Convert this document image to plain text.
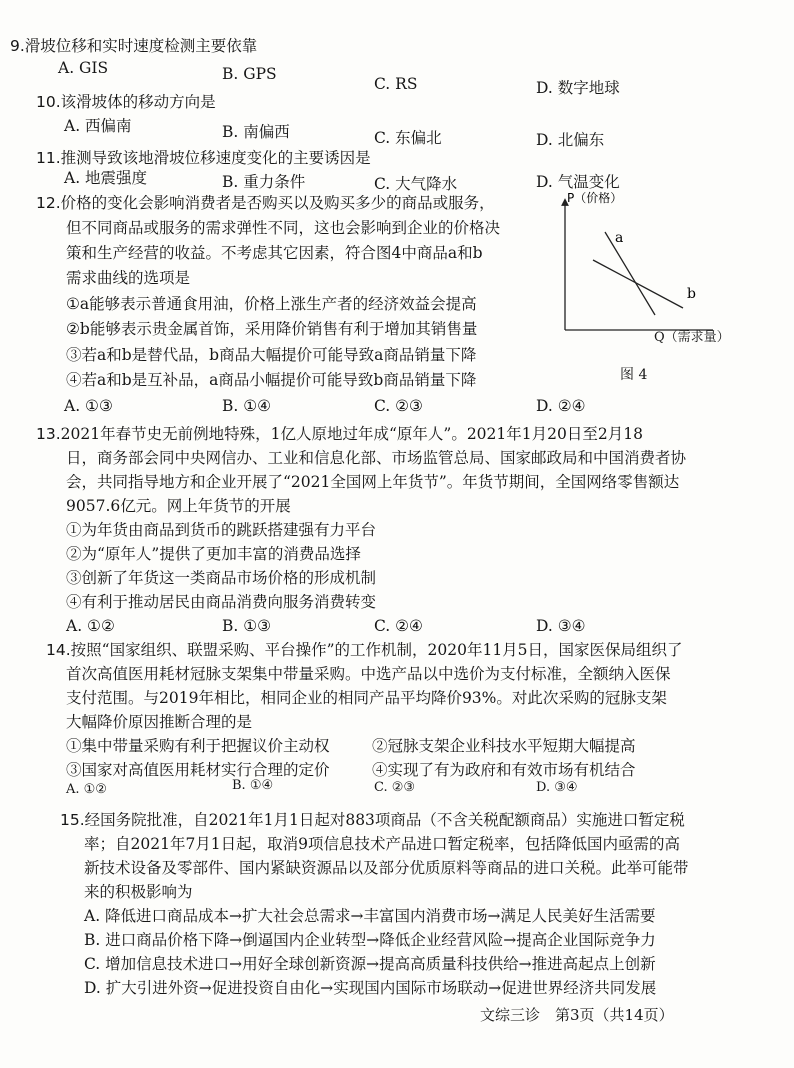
9.滑坡位移和实时速度检测主要依靠
A. GIS	B. GPS
C. RS	D. 数字地球
10.该滑坡体的移动方向是
A. 西偏南	B. 南偏西	C. 东偏北	D. 北偏东
11.推测导致该地滑坡位移速度变化的主要诱因是
A. 地震强度	B. 重力条件	C. 大气降水	D. 气温变化
12.价格的变化会影响消费者是否购买以及购买多少的商品或服务，
但不同商品或服务的需求弹性不同，这也会影响到企业的价格决
策和生产经营的收益。不考虑其它因素，符合图4中商品a和b
需求曲线的选项是
①a能够表示普通食用油，价格上涨生产者的经济效益会提高
②b能够表示贵金属首饰，采用降价销售有利于增加其销售量
③若a和b是替代品，b商品大幅提价可能导致a商品销量下降
④若a和b是互补品，a商品小幅提价可能导致b商品销量下降
A. ①③	B. ①④	C. ②③	D. ②④
P（价格）
a
b
Q（需求量）
图 4
13.2021年春节史无前例地特殊，1亿人原地过年成“原年人”。2021年1月20日至2月18
日，商务部会同中央网信办、工业和信息化部、市场监管总局、国家邮政局和中国消费者协
会，共同指导地方和企业开展了“2021全国网上年货节”。年货节期间，全国网络零售额达
9057.6亿元。网上年货节的开展
①为年货由商品到货币的跳跃搭建强有力平台
②为“原年人”提供了更加丰富的消费品选择
③创新了年货这一类商品市场价格的形成机制
④有利于推动居民由商品消费向服务消费转变
A. ①②	B. ①③	C. ②④	D. ③④
14.按照“国家组织、联盟采购、平台操作”的工作机制，2020年11月5日，国家医保局组织了
首次高值医用耗材冠脉支架集中带量采购。中选产品以中选价为支付标准，全额纳入医保
支付范围。与2019年相比，相同企业的相同产品平均降价93%。对此次采购的冠脉支架
大幅降价原因推断合理的是
①集中带量采购有利于把握议价主动权	②冠脉支架企业科技水平短期大幅提高
③国家对高值医用耗材实行合理的定价	④实现了有为政府和有效市场有机结合
A. ①②	B. ①④	C. ②③	D. ③④
15.经国务院批准，自2021年1月1日起对883项商品（不含关税配额商品）实施进口暂定税
率；自2021年7月1日起，取消9项信息技术产品进口暂定税率，包括降低国内亟需的高
新技术设备及零部件、国内紧缺资源品以及部分优质原料等商品的进口关税。此举可能带
来的积极影响为
A. 降低进口商品成本→扩大社会总需求→丰富国内消费市场→满足人民美好生活需要
B. 进口商品价格下降→倒逼国内企业转型→降低企业经营风险→提高企业国际竞争力
C. 增加信息技术进口→用好全球创新资源→提高高质量科技供给→推进高起点上创新
D. 扩大引进外资→促进投资自由化→实现国内国际市场联动→促进世界经济共同发展
文综三诊　第3页（共14页）
